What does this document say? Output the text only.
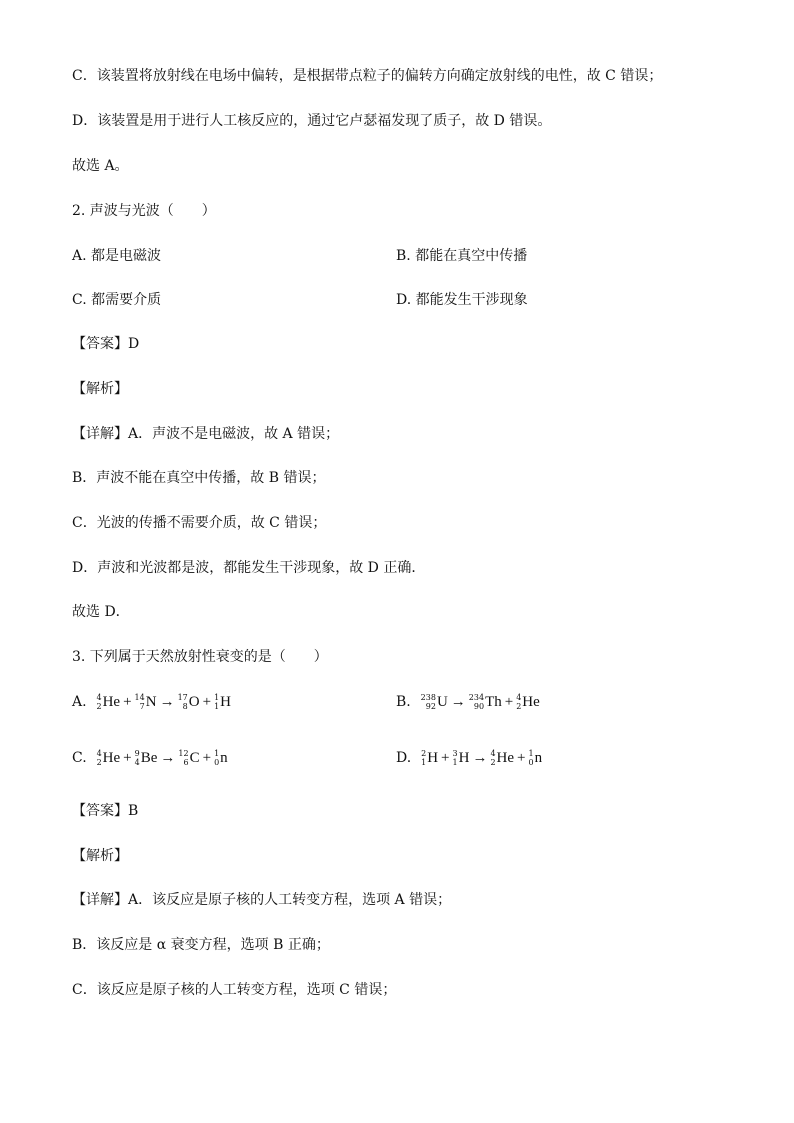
C．该装置将放射线在电场中偏转，是根据带点粒子的偏转方向确定放射线的电性，故 C 错误；
D．该装置是用于进行人工核反应的，通过它卢瑟福发现了质子，故 D 错误。
故选 A。
2. 声波与光波（　　）
A. 都是电磁波	B. 都能在真空中传播
C. 都需要介质	D. 都能发生干涉现象
【答案】D
【解析】
【详解】A．声波不是电磁波，故 A 错误；
B．声波不能在真空中传播，故 B 错误；
C．光波的传播不需要介质，故 C 错误；
D．声波和光波都是波，都能发生干涉现象，故 D 正确．
故选 D．
3. 下列属于天然放射性衰变的是（　　）
A. 4
2 He + 14
7 N → 17
8 O + 1
1 H	B. 238
92 U → 234
90 Th + 4
2 He
C. 4
2 He + 9
4 Be → 12
6 C + 1
0 n	D. 2
1 H + 3
1 H → 4
2 He + 1
0 n
【答案】B
【解析】
【详解】A．该反应是原子核的人工转变方程，选项 A 错误；
B．该反应是 α 衰变方程，选项 B 正确；
C．该反应是原子核的人工转变方程，选项 C 错误；
